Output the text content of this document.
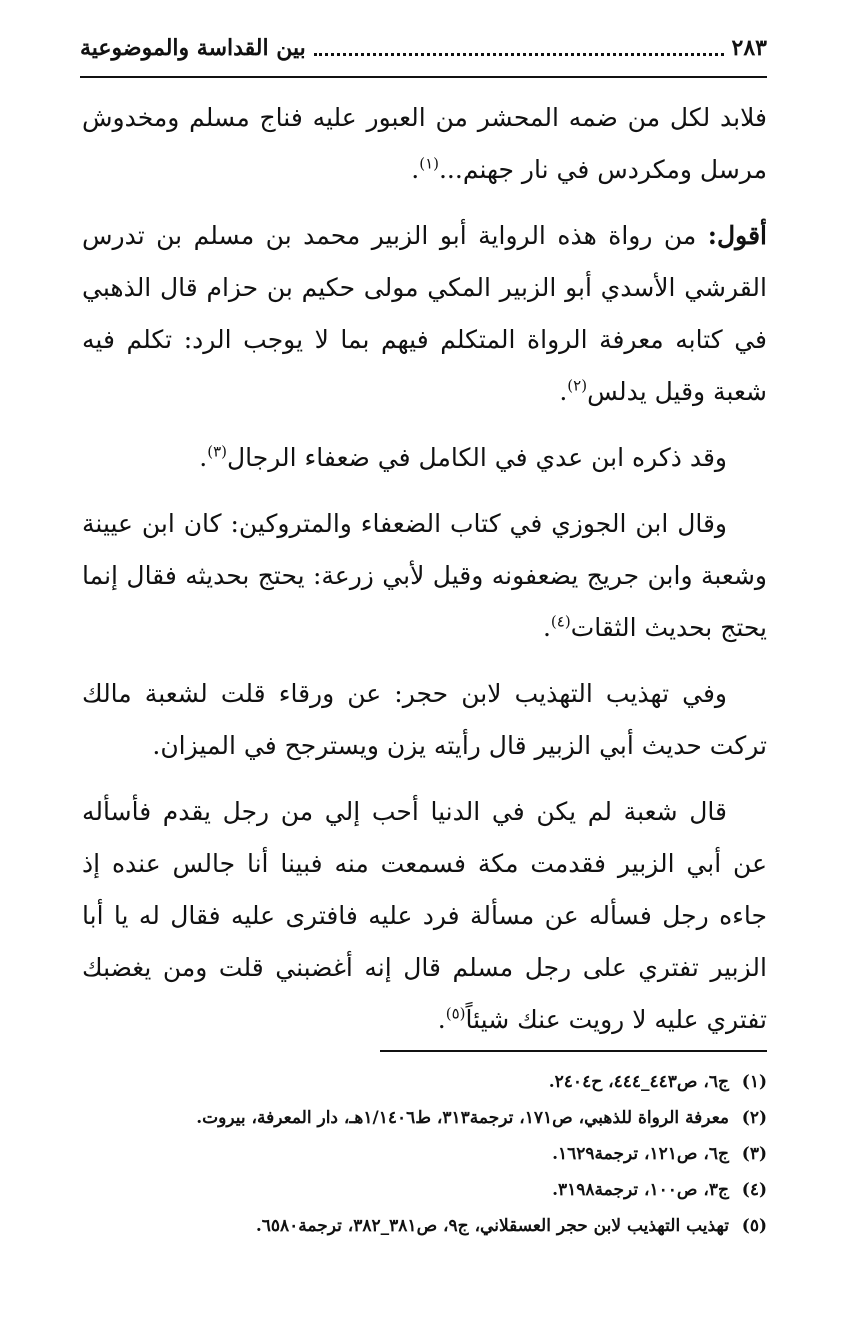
بين القداسة والموضوعية	٢٨٣

فلابد لكل من ضمه المحشر من العبور عليه فناج مسلم ومخدوش مرسل ومكردس في نار جهنم...$^{(١)}$.

أقول: من رواة هذه الرواية أبو الزبير محمد بن مسلم بن تدرس القرشي الأسدي أبو الزبير المكي مولى حكيم بن حزام قال الذهبي في كتابه معرفة الرواة المتكلم فيهم بما لا يوجب الرد: تكلم فيه شعبة وقيل يدلس$^{(٢)}$.

وقد ذكره ابن عدي في الكامل في ضعفاء الرجال$^{(٣)}$.

وقال ابن الجوزي في كتاب الضعفاء والمتروكين: كان ابن عيينة وشعبة وابن جريج يضعفونه وقيل لأبي زرعة: يحتج بحديثه فقال إنما يحتج بحديث الثقات$^{(٤)}$.

وفي تهذيب التهذيب لابن حجر: عن ورقاء قلت لشعبة مالك تركت حديث أبي الزبير قال رأيته يزن ويسترجح في الميزان.

قال شعبة لم يكن في الدنيا أحب إلي من رجل يقدم فأسأله عن أبي الزبير فقدمت مكة فسمعت منه فبينا أنا جالس عنده إذ جاءه رجل فسأله عن مسألة فرد عليه فافترى عليه فقال له يا أبا الزبير تفتري على رجل مسلم قال إنه أغضبني قلت ومن يغضبك تفتري عليه لا رويت عنك شيئاً$^{(٥)}$.

(١)
ج٦، ص٤٤٣_٤٤٤، ح٢٤٠٤.
(٢)
معرفة الرواة للذهبي، ص١٧١، ترجمة٣١٣، ط١/١٤٠٦هـ، دار المعرفة، بيروت.
(٣)
ج٦، ص١٢١، ترجمة١٦٢٩.
(٤)
ج٣، ص١٠٠، ترجمة٣١٩٨.
(٥)
تهذيب التهذيب لابن حجر العسقلاني، ج٩، ص٣٨١_٣٨٢، ترجمة٦٥٨٠.
